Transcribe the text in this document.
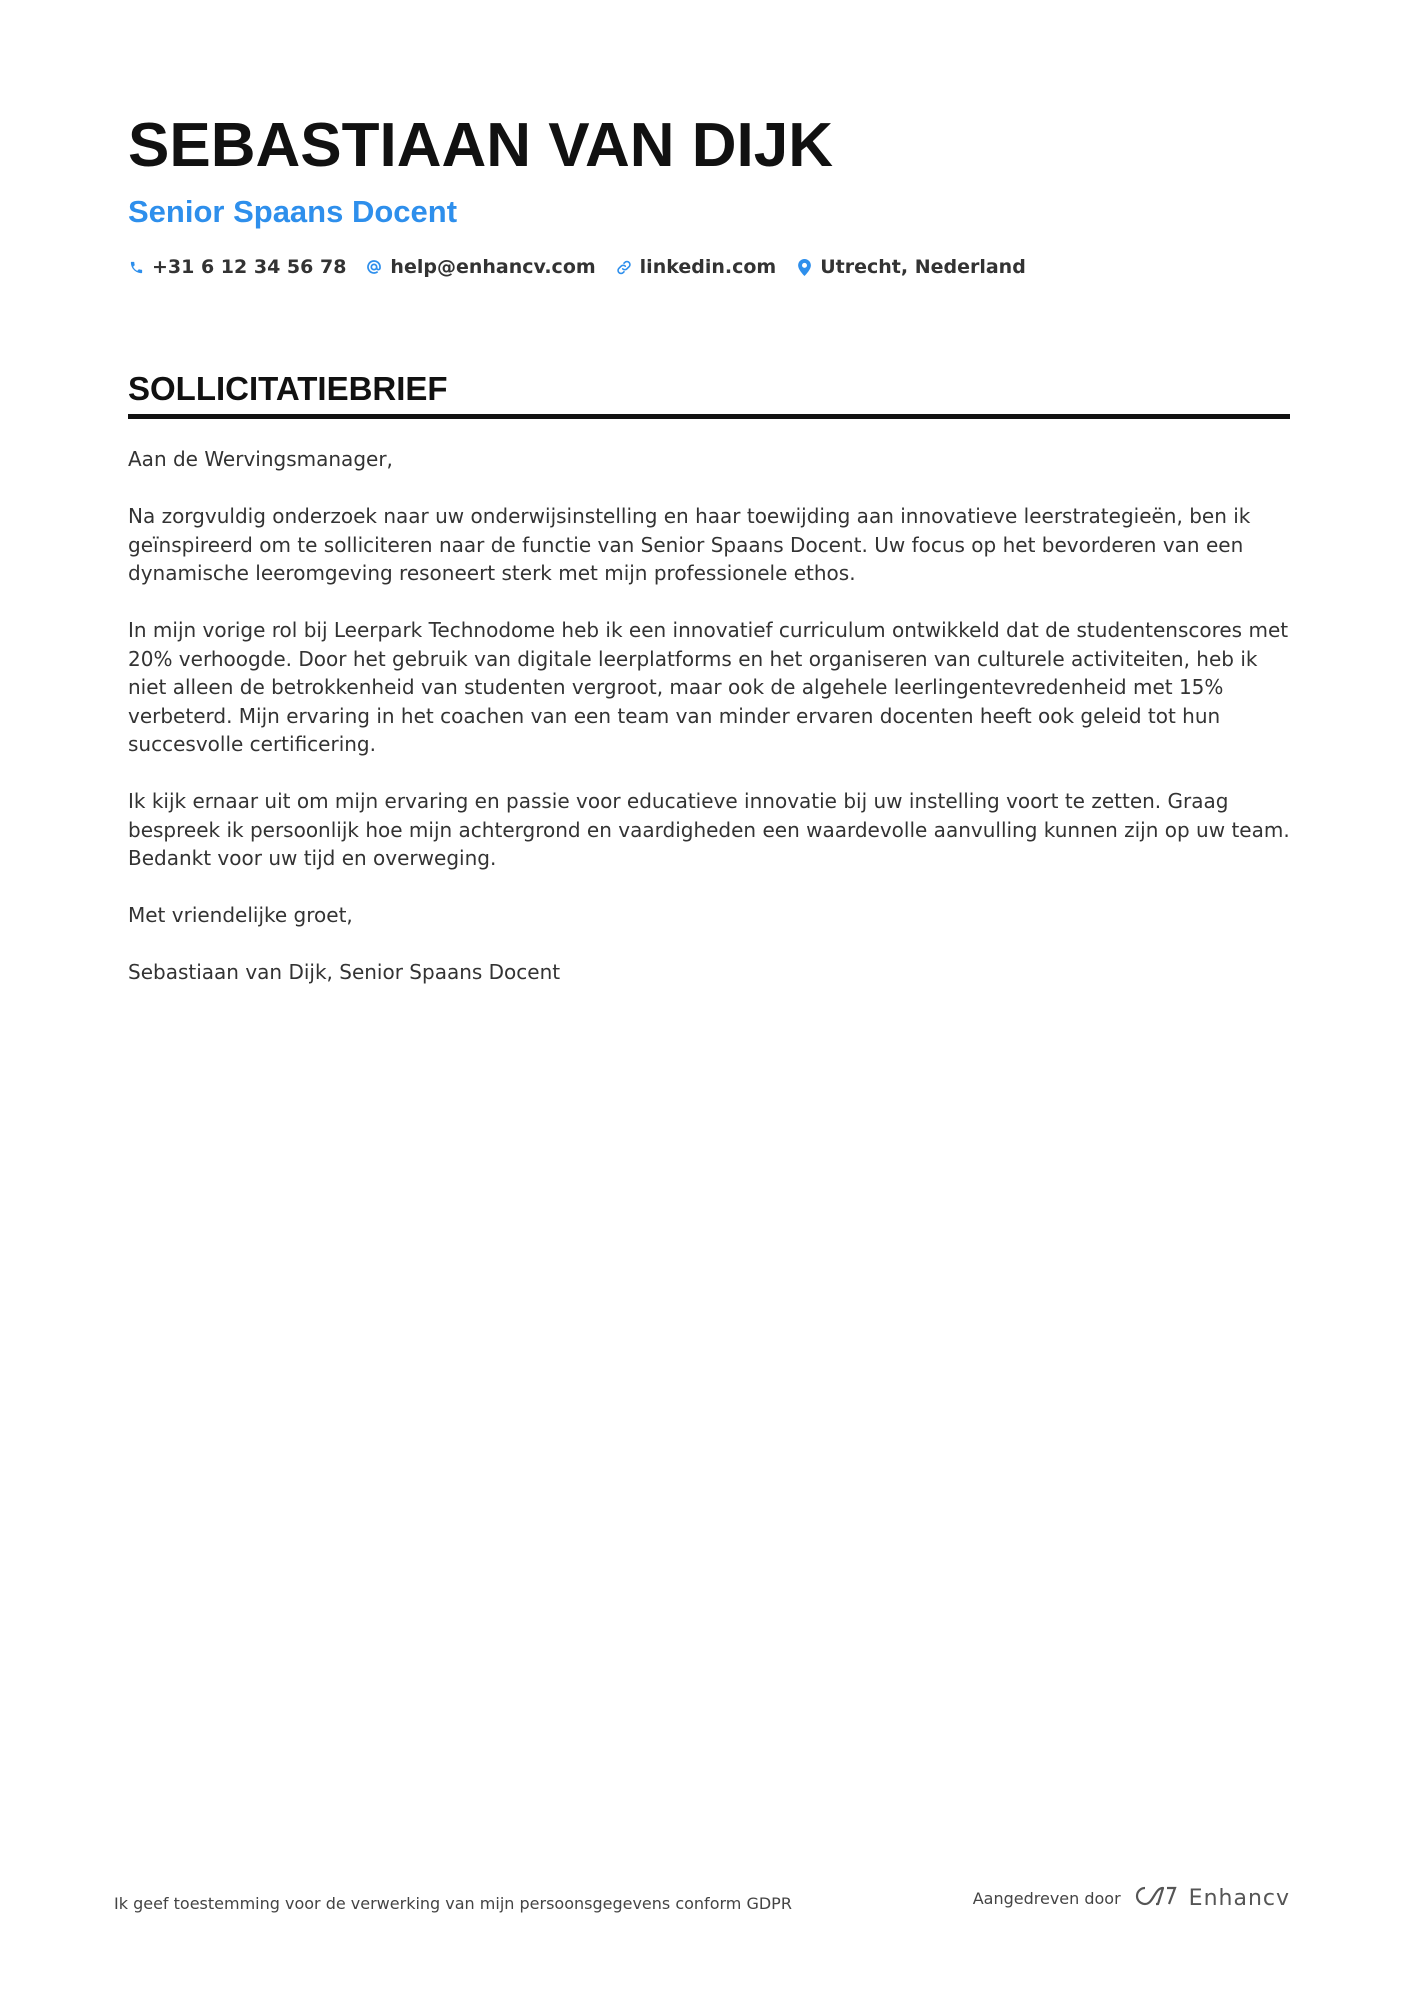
SEBASTIAAN VAN DIJK
Senior Spaans Docent
+31 6 12 34 56 78 help@enhancv.com linkedin.com Utrecht, Nederland
SOLLICITATIEBRIEF

Aan de Wervingsmanager,

Na zorgvuldig onderzoek naar uw onderwijsinstelling en haar toewijding aan innovatieve leerstrategieën, ben ik geïnspireerd om te solliciteren naar de functie van Senior Spaans Docent. Uw focus op het bevorderen van een dynamische leeromgeving resoneert sterk met mijn professionele ethos.

In mijn vorige rol bij Leerpark Technodome heb ik een innovatief curriculum ontwikkeld dat de studentenscores met 20% verhoogde. Door het gebruik van digitale leerplatforms en het organiseren van culturele activiteiten, heb ik niet alleen de betrokkenheid van studenten vergroot, maar ook de algehele leerlingentevredenheid met 15% verbeterd. Mijn ervaring in het coachen van een team van minder ervaren docenten heeft ook geleid tot hun succesvolle certificering.

Ik kijk ernaar uit om mijn ervaring en passie voor educatieve innovatie bij uw instelling voort te zetten. Graag bespreek ik persoonlijk hoe mijn achtergrond en vaardigheden een waardevolle aanvulling kunnen zijn op uw team. Bedankt voor uw tijd en overweging.

Met vriendelijke groet,

Sebastiaan van Dijk, Senior Spaans Docent

Ik geef toestemming voor de verwerking van mijn persoonsgegevens conform GDPR	Aangedreven door	Enhancv
